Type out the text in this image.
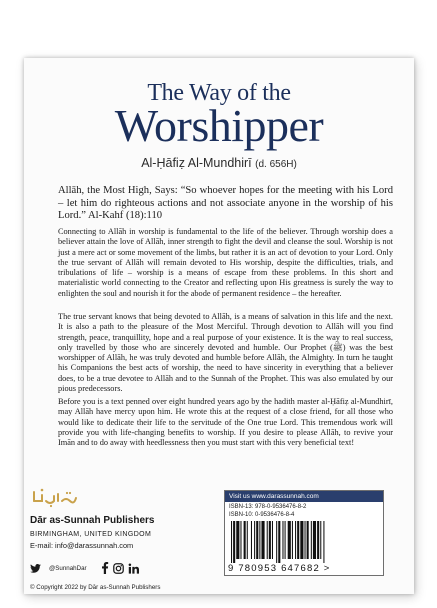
The Way of the
Worshipper
Al-Ḥāfiẓ Al-Mundhirī (d. 656H)
Allāh, the Most High, Says: “So whoever hopes for the meeting with his Lord – let him do righteous actions and not associate anyone in the worship of his Lord.” Al-Kahf (18):110

Connecting to Allāh in worship is fundamental to the life of the believer. Through worship does a believer attain the love of Allāh, inner strength to fight the devil and cleanse the soul. Worship is not just a mere act or some movement of the limbs, but rather it is an act of devotion to your Lord. Only the true servant of Allāh will remain devoted to His worship, despite the difficulties, trials, and tribulations of life – worship is a means of escape from these problems. In this short and materialistic world connecting to the Creator and reflecting upon His greatness is surely the way to enlighten the soul and nourish it for the abode of permanent residence – the hereafter.

The true servant knows that being devoted to Allāh, is a means of salvation in this life and the next. It is also a path to the pleasure of the Most Merciful. Through devotion to Allāh will you find strength, peace, tranquillity, hope and a real purpose of your existence. It is the way to real success, only travelled by those who are sincerely devoted and humble. Our Prophet (ﷺ) was the best worshipper of Allāh, he was truly devoted and humble before Allāh, the Almighty. In turn he taught his Companions the best acts of worship, the need to have sincerity in everything that a believer does, to be a true devotee to Allāh and to the Sunnah of the Prophet. This was also emulated by our pious predecessors.

Before you is a text penned over eight hundred years ago by the hadith master al-Ḥāfiẓ al-Mundhirī, may Allāh have mercy upon him. He wrote this at the request of a close friend, for all those who would like to dedicate their life to the servitude of the One true Lord. This tremendous work will provide you with life-changing benefits to worship. If you desire to please Allāh, to revive your Imān and to do away with heedlessness then you must start with this very beneficial text!

Dār as-Sunnah Publishers
BIRMINGHAM, UNITED KINGDOM
E-mail: info@darassunnah.com
@SunnahDar
© Copyright 2022 by Dār as-Sunnah Publishers
Visit us www.darassunnah.com
ISBN-13: 978-0-9536476-8-2
ISBN-10: 0-9536476-8-4
9 780953 647682 >
